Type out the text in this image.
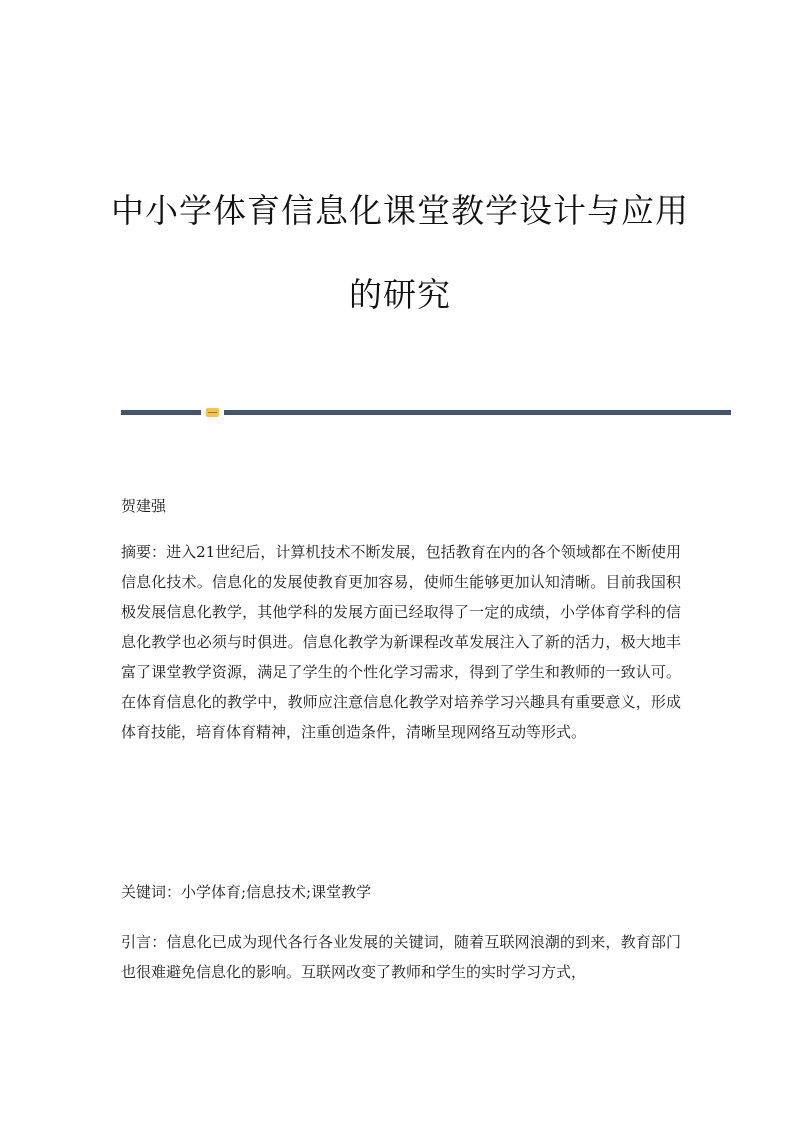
中小学体育信息化课堂教学设计与应用
的研究

贺建强

摘要：进入21世纪后，计算机技术不断发展，包括教育在内的各个领域都在不断使用信息化技术。信息化的发展使教育更加容易，使师生能够更加认知清晰。目前我国积极发展信息化教学，其他学科的发展方面已经取得了一定的成绩，小学体育学科的信息化教学也必须与时俱进。信息化教学为新课程改革发展注入了新的活力，极大地丰富了课堂教学资源，满足了学生的个性化学习需求，得到了学生和教师的一致认可。在体育信息化的教学中，教师应注意信息化教学对培养学习兴趣具有重要意义，形成体育技能，培育体育精神，注重创造条件，清晰呈现网络互动等形式。

关键词：小学体育;信息技术;课堂教学

引言：信息化已成为现代各行各业发展的关键词，随着互联网浪潮的到来，教育部门也很难避免信息化的影响。互联网改变了教师和学生的实时学习方式，
